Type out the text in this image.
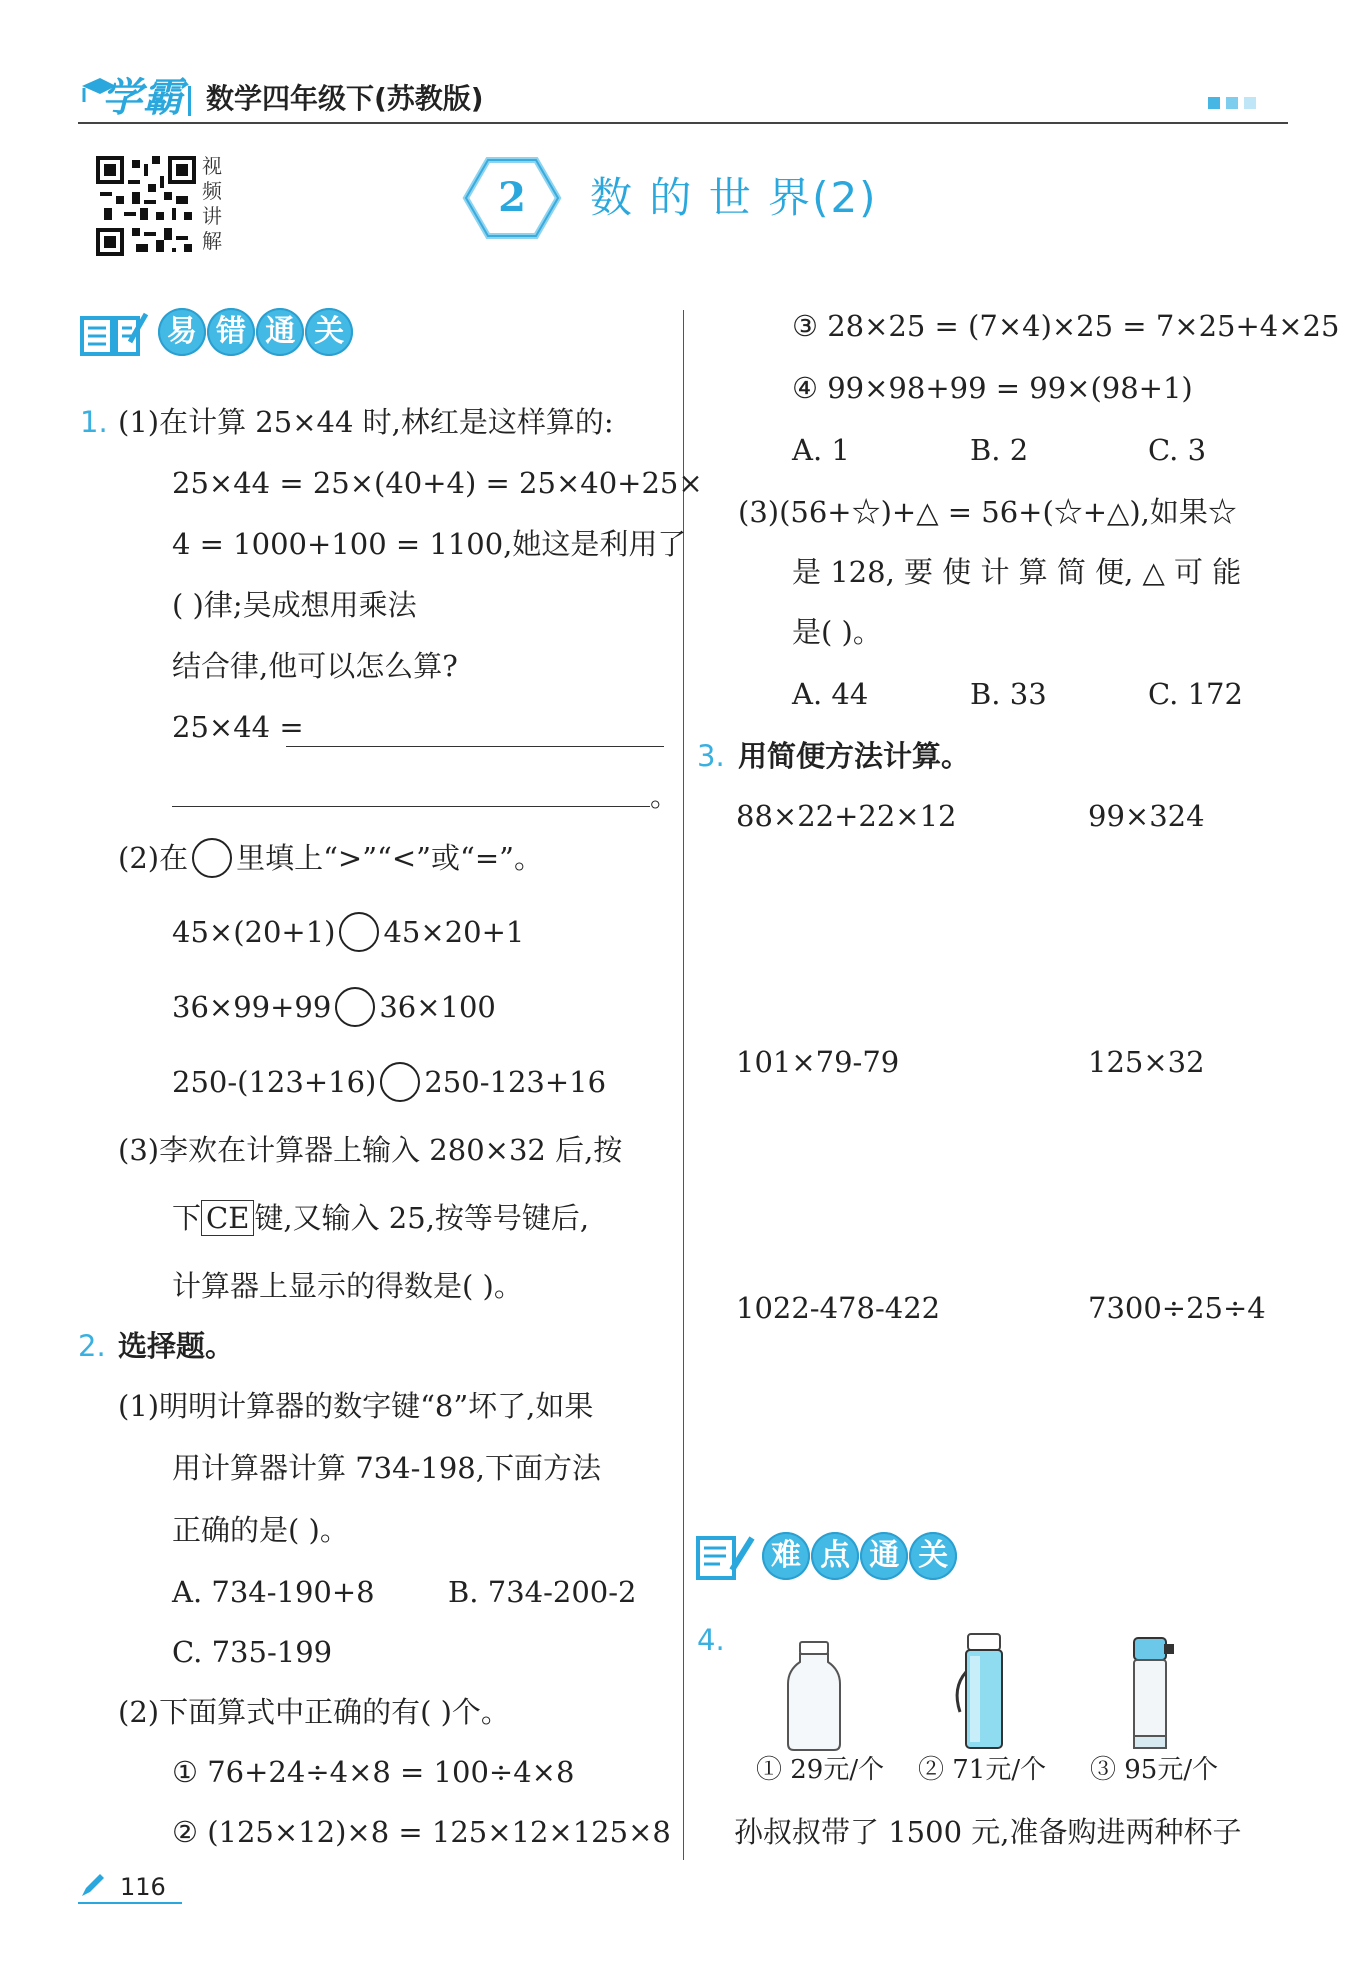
学霸 数学四年级下(苏教版)
视频讲解
2	数 的 世 界(2)
易 错 通 关
1. (1)在计算 25×44 时,林红是这样算的:
25×44 = 25×(40+4) = 25×40+25×
4 = 1000+100 = 1100,她这是利用了
( )律;吴成想用乘法
结合律,他可以怎么算?
25×44 =
。
(2)在 里填上“>”“<”或“=”。
45×(20+1) 45×20+1
36×99+99 36×100
250-(123+16) 250-123+16
(3)李欢在计算器上输入 280×32 后,按
下 CE 键,又输入 25,按等号键后,
计算器上显示的得数是( )。
2. 选择题。
(1)明明计算器的数字键“8”坏了,如果
用计算器计算 734-198,下面方法
正确的是( )。
A. 734-190+8	B. 734-200-2
C. 735-199
(2)下面算式中正确的有( )个。
① 76+24÷4×8 = 100÷4×8
② (125×12)×8 = 125×12×125×8
③ 28×25 = (7×4)×25 = 7×25+4×25
④ 99×98+99 = 99×(98+1)
A. 1	B. 2	C. 3
(3)(56+☆)+△ = 56+(☆+△),如果☆
是 128, 要 使 计 算 简 便, △ 可 能
是( )。
A. 44	B. 33	C. 172
3. 用简便方法计算。
88×22+22×12	99×324
101×79-79	125×32
1022-478-422	7300÷25÷4
难 点 通 关
4.
① 29元/个 ② 71元/个 ③ 95元/个
孙叔叔带了 1500 元,准备购进两种杯子
116
